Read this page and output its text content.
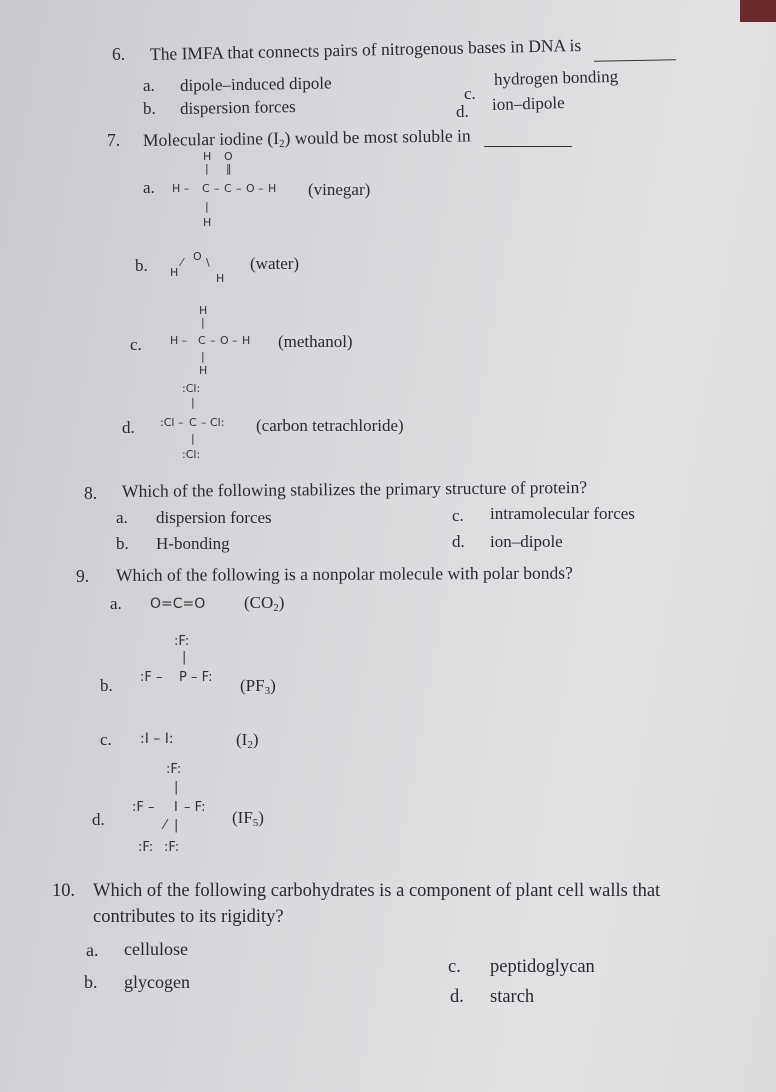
6. The IMFA that connects pairs of nitrogenous bases in DNA is
a. dipole–induced dipole
b. dispersion forces
c.
hydrogen bonding
d. ion–dipole
7. Molecular iodine $(I_2)$ would be most soluble in
a.
H O
| ‖
H – C – C – O – H
|
H
(vinegar)
b.	O
⁄ \
H	H
(water)
c.
H
|
H – C – O – H
|
H
(methanol)
d.
:Cl:
|
:Cl – C – Cl:
|
:Cl:
(carbon tetrachloride)
8. Which of the following stabilizes the primary structure of protein?
a. dispersion forces
b. H-bonding
c. intramolecular forces
d. ion–dipole
9. Which of the following is a nonpolar molecule with polar bonds?
a. O=C=O $(CO_2)$
b.
:F:
|
:F – P – F: $(PF_3)$
c. :I – I:	$(I_2)$
d.
:F:
|
:F – I – F:
⁄ |
:F: :F:
$(IF_5)$
10. Which of the following carbohydrates is a component of plant cell walls that
contributes to its rigidity?
a. cellulose
b. glycogen
c. peptidoglycan
d. starch
